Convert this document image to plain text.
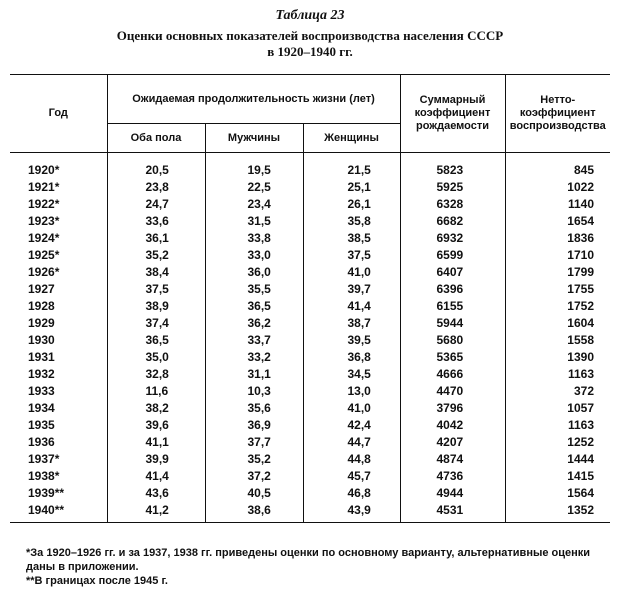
Таблица 23
Оценки основных показателей воспроизводства населения СССР
в 1920–1940 гг.
Год	Ожидаемая продолжительность жизни (лет)			Суммарный коэффициент рождаемости	Нетто-коэффициент воспроизводства
	Оба пола	Мужчины	Женщины		
1920*	20,5	19,5	21,5	5823	845
1921*	23,8	22,5	25,1	5925	1022
1922*	24,7	23,4	26,1	6328	1140
1923*	33,6	31,5	35,8	6682	1654
1924*	36,1	33,8	38,5	6932	1836
1925*	35,2	33,0	37,5	6599	1710
1926*	38,4	36,0	41,0	6407	1799
1927	37,5	35,5	39,7	6396	1755
1928	38,9	36,5	41,4	6155	1752
1929	37,4	36,2	38,7	5944	1604
1930	36,5	33,7	39,5	5680	1558
1931	35,0	33,2	36,8	5365	1390
1932	32,8	31,1	34,5	4666	1163
1933	11,6	10,3	13,0	4470	372
1934	38,2	35,6	41,0	3796	1057
1935	39,6	36,9	42,4	4042	1163
1936	41,1	37,7	44,7	4207	1252
1937*	39,9	35,2	44,8	4874	1444
1938*	41,4	37,2	45,7	4736	1415
1939**	43,6	40,5	46,8	4944	1564
1940**	41,2	38,6	43,9	4531	1352
*За 1920–1926 гг. и за 1937, 1938 гг. приведены оценки по основному варианту, альтернативные оценки даны в приложении.
**В границах после 1945 г.
